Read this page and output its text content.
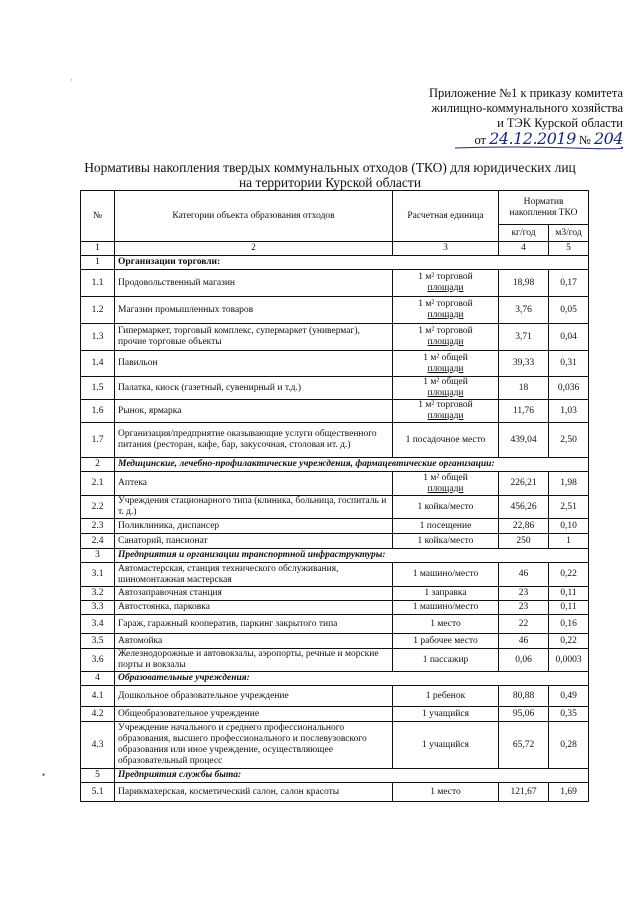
Приложение №1 к приказу комитета
жилищно-коммунального хозяйства
и ТЭК Курской области
от 24.12.2019 № 204
Нормативы накопления твердых коммунальных отходов (ТКО) для юридических лиц
на территории Курской области
·
•
№	Категории объекта образования отходов	Расчетная единица	Норматив накопления ТКО	
			кг/год	м3/год
1	2	3	4	5
1	Организации торговли:			
1.1	Продовольственный магазин	1 м² торговой
площади	18,98	0,17
1.2	Магазин промышленных товаров	1 м² торговой
площади	3,76	0,05
1.3	Гипермаркет, торговый комплекс, супермаркет (универмаг), прочие торговые объекты	1 м² торговой
площади	3,71	0,04
1.4	Павильон	1 м² общей
площади	39,33	0,31
1.5	Палатка, киоск (газетный, сувенирный и т.д.)	1 м² общей
площади	18	0,036
1.6	Рынок, ярмарка	1 м² торговой
площади	11,76	1,03
1.7	Организация/предприятие оказывающие услуги общественного питания (ресторан, кафе, бар, закусочная, столовая ит. д.)	1 посадочное место	439,04	2,50
2	Медицинские, лечебно-профилактические учреждения, фармацевтические организации:			
2.1	Аптека	1 м² общей
площади	226,21	1,98
2.2	Учреждения стационарного типа (клиника, больница, госпиталь и т. д.)	1 койка/место	456,26	2,51
2.3	Поликлиника, диспансер	1 посещение	22,86	0,10
2.4	Санаторий, пансионат	1 койка/место	250	1
3	Предприятия и организации транспортной инфраструктуры:			
3.1	Автомастерская, станция технического обслуживания, шиномонтажная мастерская	1 машино/место	46	0,22
3.2	Автозаправочная станция	1 заправка	23	0,11
3.3	Автостоянка, парковка	1 машино/место	23	0,11
3.4	Гараж, гаражный кооператив, паркинг закрытого типа	1 место	22	0,16
3.5	Автомойка	1 рабочее место	46	0,22
3.6	Железнодорожные и автовокзалы, аэропорты, речные и морские порты и вокзалы	1 пассажир	0,06	0,0003
4	Образовательные учреждения:			
4.1	Дошкольное образовательное учреждение	1 ребенок	80,88	0,49
4.2	Общеобразовательное учреждение	1 учащийся	95,06	0,35
4.3	Учреждение начального и среднего профессионального образования, высшего профессионального и послевузовского образования или иное учреждение, осуществляющее образовательный процесс	1 учащийся	65,72	0,28
5	Предприятия службы быта:			
5.1	Парикмахерская, косметический салон, салон красоты	1 место	121,67	1,69
